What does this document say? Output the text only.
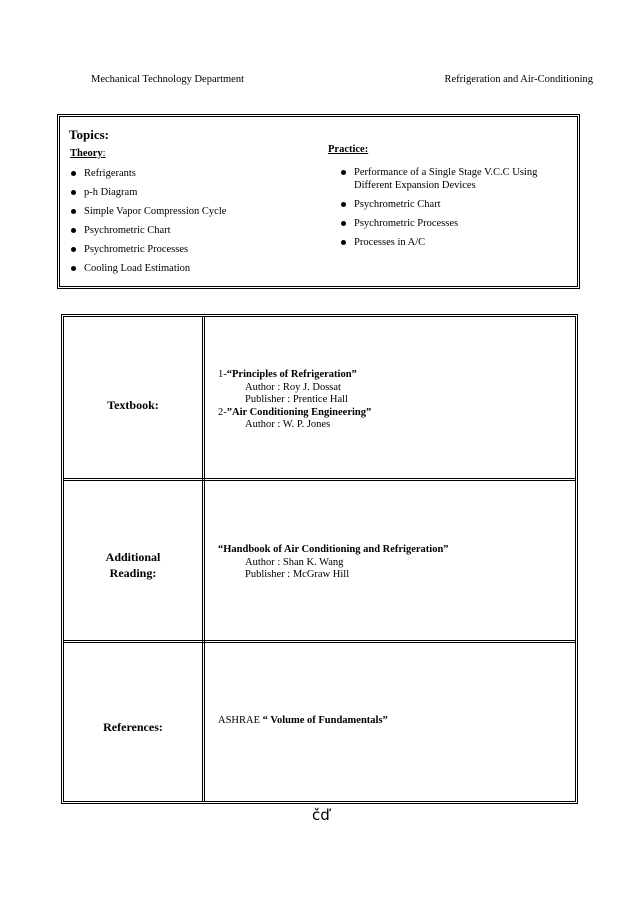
Mechanical Technology Department	Refrigeration and Air-Conditioning
Topics:
Theory:
Refrigerants
p-h Diagram
Simple Vapor Compression Cycle
Psychrometric Chart
Psychrometric Processes
Cooling Load Estimation
Practice:
Performance of a Single Stage V.C.C Using Different Expansion Devices
Psychrometric Chart
Psychrometric Processes
Processes in A/C
Textbook:
1-“Principles of Refrigeration”
Author : Roy J. Dossat
Publisher : Prentice Hall
2-”Air Conditioning Engineering”
Author : W. P. Jones
Additional
Reading:
“Handbook of Air Conditioning and Refrigeration”
Author : Shan K. Wang
Publisher : McGraw Hill
References:	ASHRAE “ Volume of Fundamentals”
čď
